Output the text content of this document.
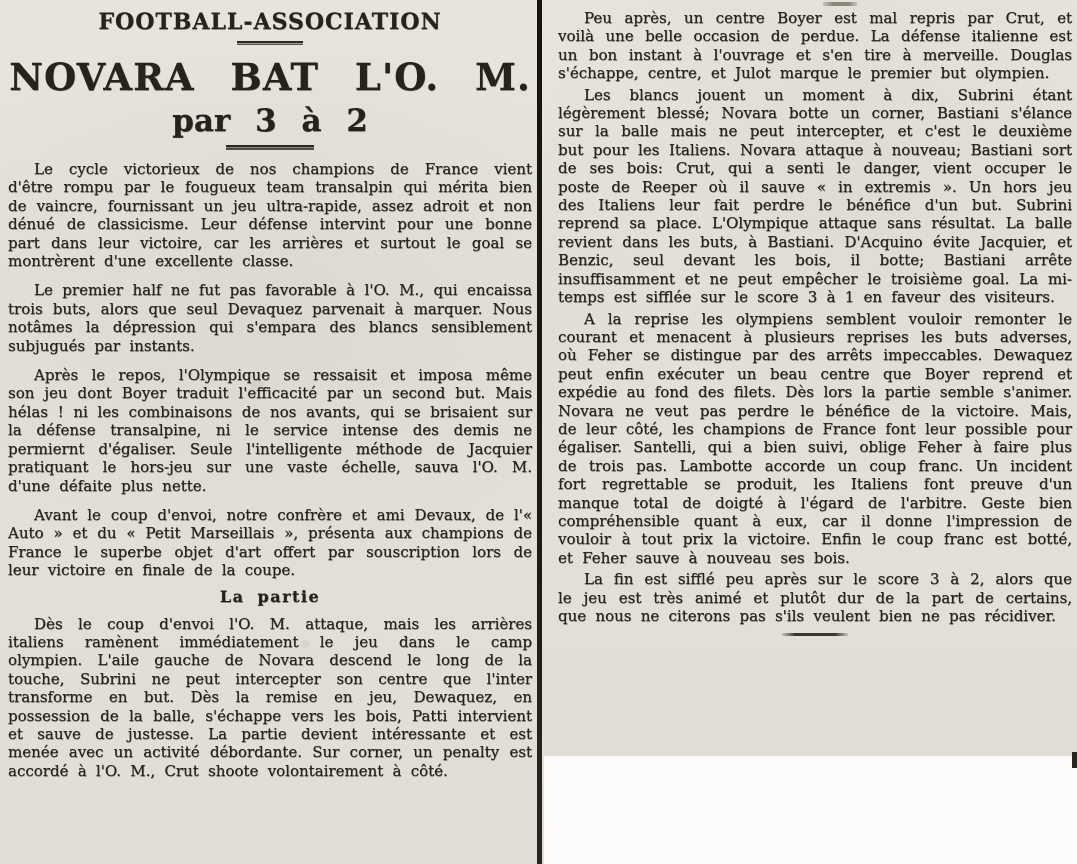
FOOTBALL-ASSOCIATION
NOVARA BAT L'O. M.
par 3 à 2

Le cycle victorieux de nos champions de France vient d'être rompu par le fougueux team transalpin qui mérita bien de vaincre, fournissant un jeu ultra-rapide, assez adroit et non dénué de classicisme. Leur défense intervint pour une bonne part dans leur victoire, car les arrières et surtout le goal se montrèrent d'une excellente classe.

Le premier half ne fut pas favorable à l'O. M., qui encaissa trois buts, alors que seul Devaquez parvenait à marquer. Nous notâmes la dépression qui s'empara des blancs sensiblement subjugués par instants.

Après le repos, l'Olympique se ressaisit et imposa même son jeu dont Boyer traduit l'efficacité par un second but. Mais hélas ! ni les combinaisons de nos avants, qui se brisaient sur la défense transalpine, ni le service intense des demis ne permiernt d'égaliser. Seule l'intelligente méthode de Jacquier pratiquant le hors-jeu sur une vaste échelle, sauva l'O. M. d'une défaite plus nette.

Avant le coup d'envoi, notre confrère et ami Devaux, de l'« Auto » et du « Petit Marseillais », présenta aux champions de France le superbe objet d'art offert par souscription lors de leur victoire en finale de la coupe.

La partie

Dès le coup d'envoi l'O. M. attaque, mais les arrières italiens ramènent immédiatement le jeu dans le camp olympien. L'aile gauche de Novara descend le long de la touche, Subrini ne peut intercepter son centre que l'inter transforme en but. Dès la remise en jeu, Dewaquez, en possession de la balle, s'échappe vers les bois, Patti intervient et sauve de justesse. La partie devient intéressante et est menée avec un activité débordante. Sur corner, un penalty est accordé à l'O. M., Crut shoote volontairement à côté.

Peu après, un centre Boyer est mal repris par Crut, et voilà une belle occasion de perdue. La défense italienne est un bon instant à l'ouvrage et s'en tire à merveille. Douglas s'échappe, centre, et Julot marque le premier but olympien.

Les blancs jouent un moment à dix, Subrini étant légèrement blessé; Novara botte un corner, Bastiani s'élance sur la balle mais ne peut intercepter, et c'est le deuxième but pour les Italiens. Novara attaque à nouveau; Bastiani sort de ses bois: Crut, qui a senti le danger, vient occuper le poste de Reeper où il sauve « in extremis ». Un hors jeu des Italiens leur fait perdre le bénéfice d'un but. Subrini reprend sa place. L'Olympique attaque sans résultat. La balle revient dans les buts, à Bastiani. D'Acquino évite Jacquier, et Benzic, seul devant les bois, il botte; Bastiani arrête insuffisamment et ne peut empêcher le troisième goal. La mi-temps est sifflée sur le score 3 à 1 en faveur des visiteurs.

A la reprise les olympiens semblent vouloir remonter le courant et menacent à plusieurs reprises les buts adverses, où Feher se distingue par des arrêts impeccables. Dewaquez peut enfin exécuter un beau centre que Boyer reprend et expédie au fond des filets. Dès lors la partie semble s'animer. Novara ne veut pas perdre le bénéfice de la victoire. Mais, de leur côté, les champions de France font leur possible pour égaliser. Santelli, qui a bien suivi, oblige Feher à faire plus de trois pas. Lambotte accorde un coup franc. Un incident fort regrettable se produit, les Italiens font preuve d'un manque total de doigté à l'égard de l'arbitre. Geste bien compréhensible quant à eux, car il donne l'impression de vouloir à tout prix la victoire. Enfin le coup franc est botté, et Feher sauve à nouveau ses bois.

La fin est sifflé peu après sur le score 3 à 2, alors que le jeu est très animé et plutôt dur de la part de certains, que nous ne citerons pas s'ils veulent bien ne pas récidiver.
